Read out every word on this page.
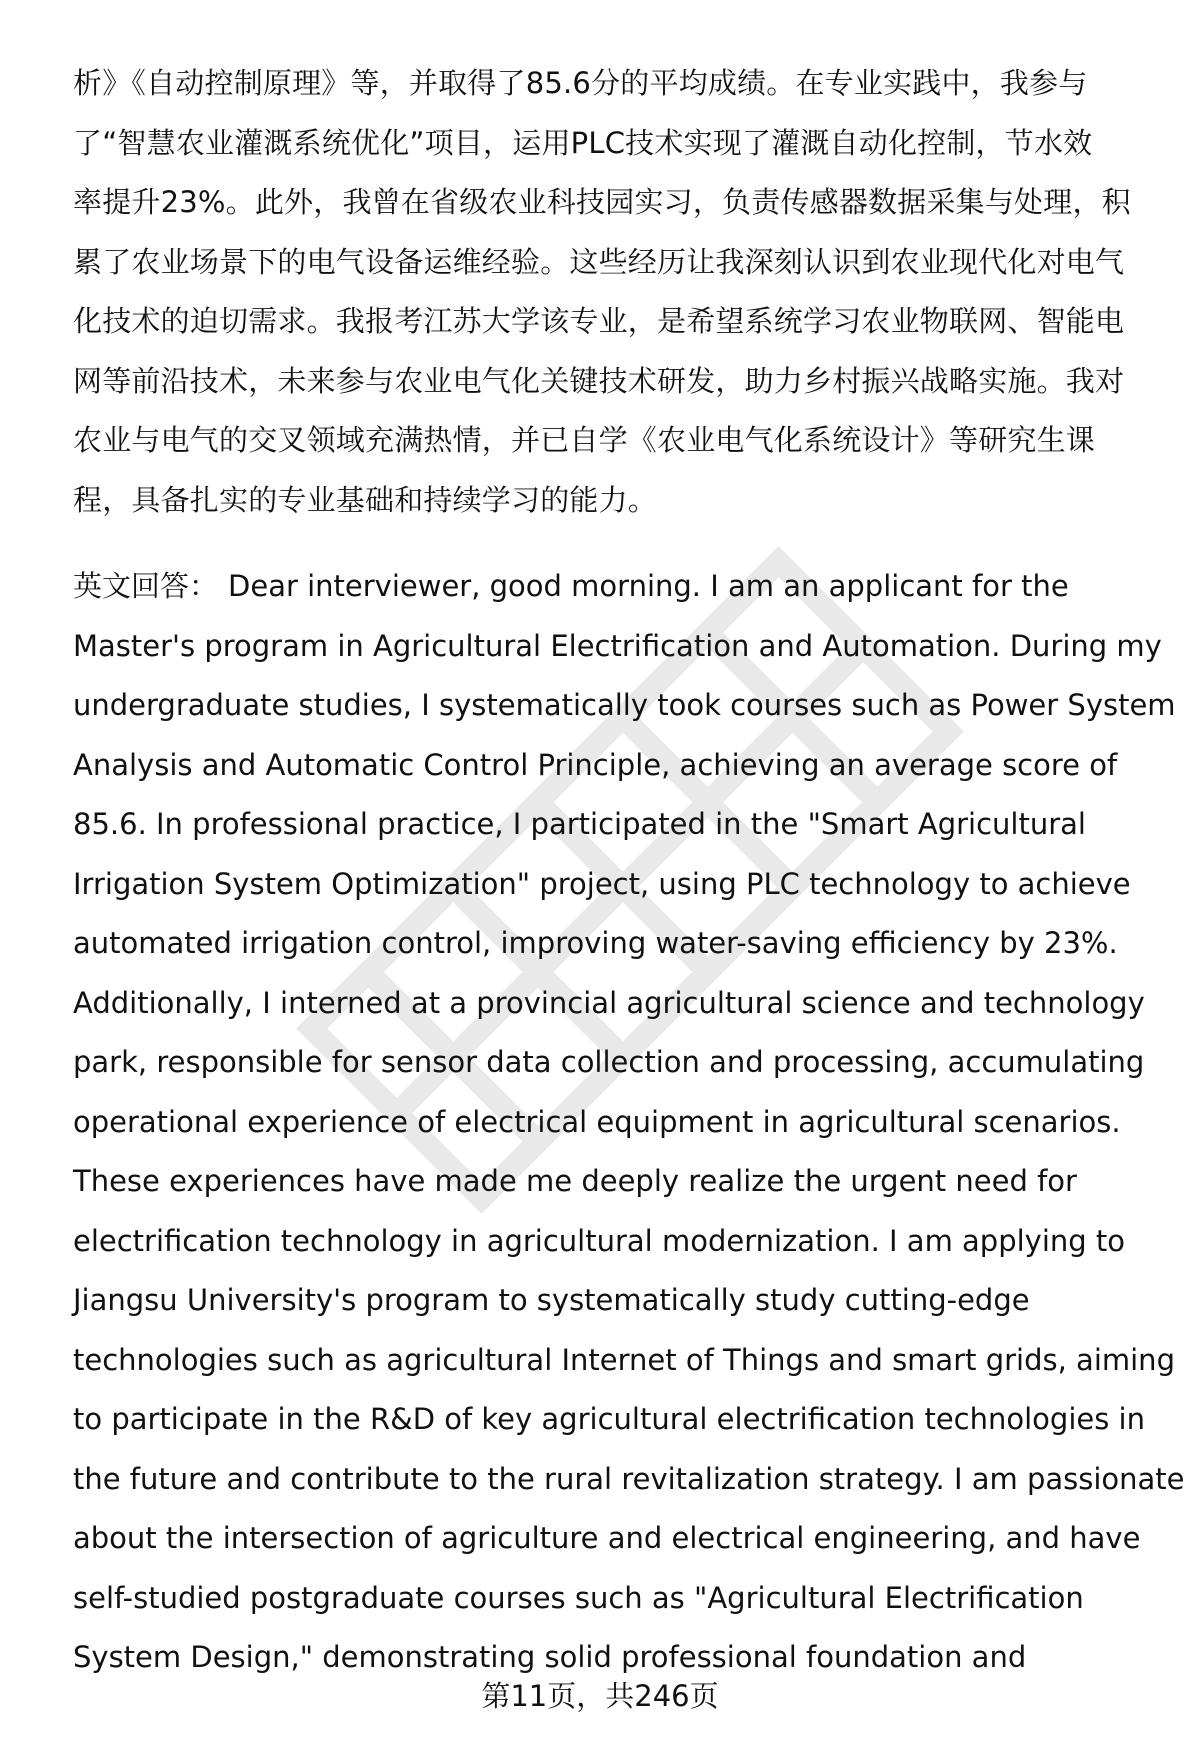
析》《自动控制原理》等，并取得了85.6分的平均成绩。在专业实践中，我参与
了“智慧农业灌溉系统优化”项目，运用PLC技术实现了灌溉自动化控制，节水效
率提升23%。此外，我曾在省级农业科技园实习，负责传感器数据采集与处理，积
累了农业场景下的电气设备运维经验。这些经历让我深刻认识到农业现代化对电气
化技术的迫切需求。我报考江苏大学该专业，是希望系统学习农业物联网、智能电
网等前沿技术，未来参与农业电气化关键技术研发，助力乡村振兴战略实施。我对
农业与电气的交叉领域充满热情，并已自学《农业电气化系统设计》等研究生课
程，具备扎实的专业基础和持续学习的能力。
英文回答： Dear interviewer, good morning. I am an applicant for the
Master's program in Agricultural Electrification and Automation. During my
undergraduate studies, I systematically took courses such as Power System
Analysis and Automatic Control Principle, achieving an average score of
85.6. In professional practice, I participated in the "Smart Agricultural
Irrigation System Optimization" project, using PLC technology to achieve
automated irrigation control, improving water-saving efficiency by 23%.
Additionally, I interned at a provincial agricultural science and technology
park, responsible for sensor data collection and processing, accumulating
operational experience of electrical equipment in agricultural scenarios.
These experiences have made me deeply realize the urgent need for
electrification technology in agricultural modernization. I am applying to
Jiangsu University's program to systematically study cutting-edge
technologies such as agricultural Internet of Things and smart grids, aiming
to participate in the R&D of key agricultural electrification technologies in
the future and contribute to the rural revitalization strategy. I am passionate
about the intersection of agriculture and electrical engineering, and have
self-studied postgraduate courses such as "Agricultural Electrification
System Design," demonstrating solid professional foundation and
第11页，共246页
